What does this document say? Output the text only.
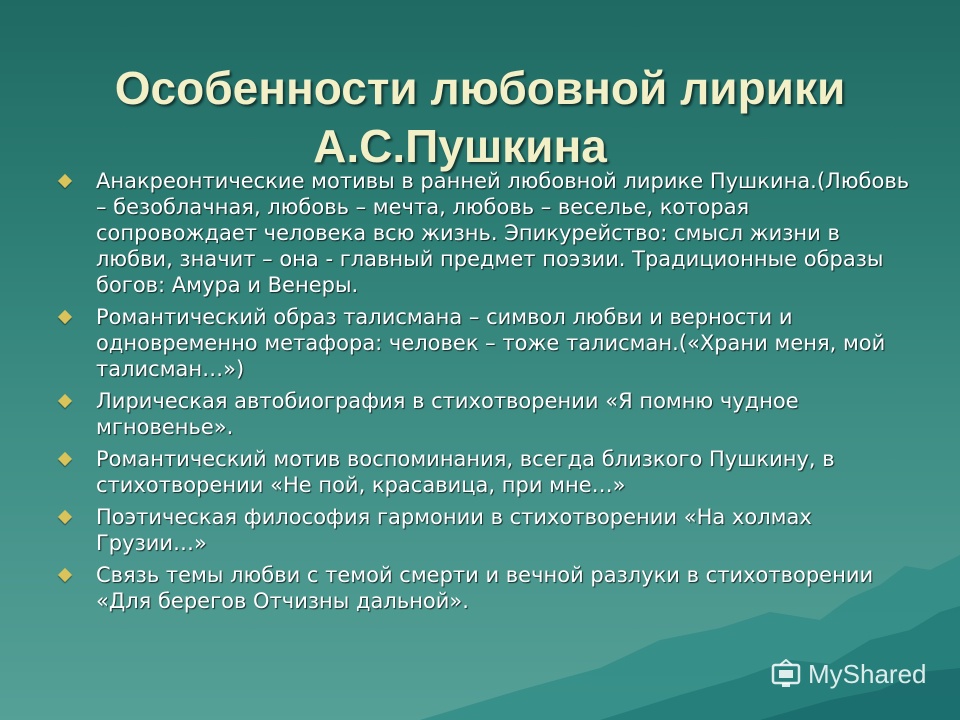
Особенности любовной лирики
А.С.Пушкина
Анакреонтические мотивы в ранней любовной лирике Пушкина.(Любовь – безоблачная, любовь – мечта, любовь – веселье, которая сопровождает человека всю жизнь. Эпикурейство: смысл жизни в любви, значит – она - главный предмет поэзии. Традиционные образы богов: Амура и Венеры.
Романтический образ талисмана – символ любви и верности и одновременно метафора: человек – тоже талисман.(«Храни меня, мой талисман…»)
Лирическая автобиография в стихотворении «Я помню чудное мгновенье».
Романтический мотив воспоминания, всегда близкого Пушкину, в стихотворении «Не пой, красавица, при мне…»
Поэтическая философия гармонии в стихотворении «На холмах Грузии…»
Связь темы любви с темой смерти и вечной разлуки в стихотворении «Для берегов Отчизны дальной».
MyShared
